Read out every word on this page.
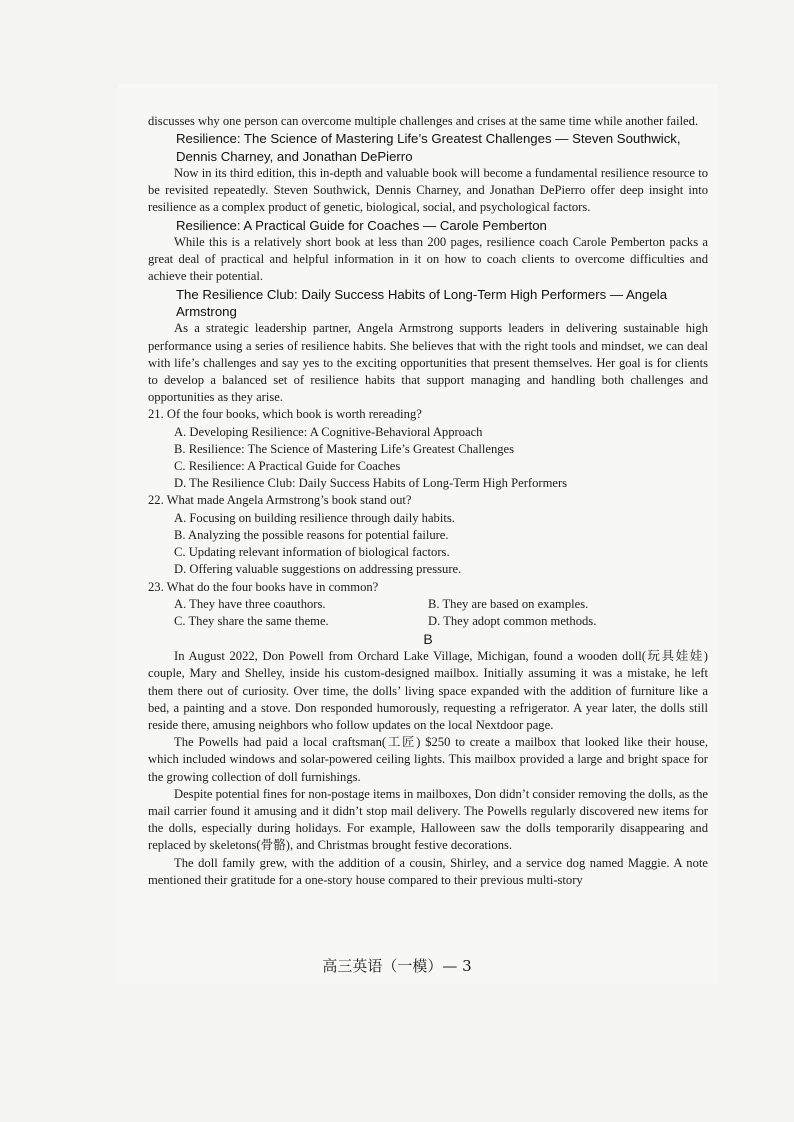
discusses why one person can overcome multiple challenges and crises at the same time while another failed.

Resilience: The Science of Mastering Life’s Greatest Challenges — Steven Southwick, Dennis Charney, and Jonathan DePierro

Now in its third edition, this in-depth and valuable book will become a fundamental resilience resource to be revisited repeatedly. Steven Southwick, Dennis Charney, and Jonathan DePierro offer deep insight into resilience as a complex product of genetic, biological, social, and psychological factors.

Resilience: A Practical Guide for Coaches — Carole Pemberton

While this is a relatively short book at less than 200 pages, resilience coach Carole Pemberton packs a great deal of practical and helpful information in it on how to coach clients to overcome difficulties and achieve their potential.

The Resilience Club: Daily Success Habits of Long-Term High Performers — Angela Armstrong

As a strategic leadership partner, Angela Armstrong supports leaders in delivering sustainable high performance using a series of resilience habits. She believes that with the right tools and mindset, we can deal with life’s challenges and say yes to the exciting opportunities that present themselves. Her goal is for clients to develop a balanced set of resilience habits that support managing and handling both challenges and opportunities as they arise.

21. Of the four books, which book is worth rereading?

A. Developing Resilience: A Cognitive-Behavioral Approach

B. Resilience: The Science of Mastering Life’s Greatest Challenges

C. Resilience: A Practical Guide for Coaches

D. The Resilience Club: Daily Success Habits of Long-Term High Performers

22. What made Angela Armstrong’s book stand out?

A. Focusing on building resilience through daily habits.

B. Analyzing the possible reasons for potential failure.

C. Updating relevant information of biological factors.

D. Offering valuable suggestions on addressing pressure.

23. What do the four books have in common?

A. They have three coauthors.	B. They are based on examples.
C. They share the same theme.	D. They adopt common methods.

B

In August 2022, Don Powell from Orchard Lake Village, Michigan, found a wooden doll(玩具娃娃) couple, Mary and Shelley, inside his custom-designed mailbox. Initially assuming it was a mistake, he left them there out of curiosity. Over time, the dolls’ living space expanded with the addition of furniture like a bed, a painting and a stove. Don responded humorously, requesting a refrigerator. A year later, the dolls still reside there, amusing neighbors who follow updates on the local Nextdoor page.

The Powells had paid a local craftsman(工匠) $250 to create a mailbox that looked like their house, which included windows and solar-powered ceiling lights. This mailbox provided a large and bright space for the growing collection of doll furnishings.

Despite potential fines for non-postage items in mailboxes, Don didn’t consider removing the dolls, as the mail carrier found it amusing and it didn’t stop mail delivery. The Powells regularly discovered new items for the dolls, especially during holidays. For example, Halloween saw the dolls temporarily disappearing and replaced by skeletons(骨骼), and Christmas brought festive decorations.

The doll family grew, with the addition of a cousin, Shirley, and a service dog named Maggie. A note mentioned their gratitude for a one-story house compared to their previous multi-story

高三英语（一模）— 3
